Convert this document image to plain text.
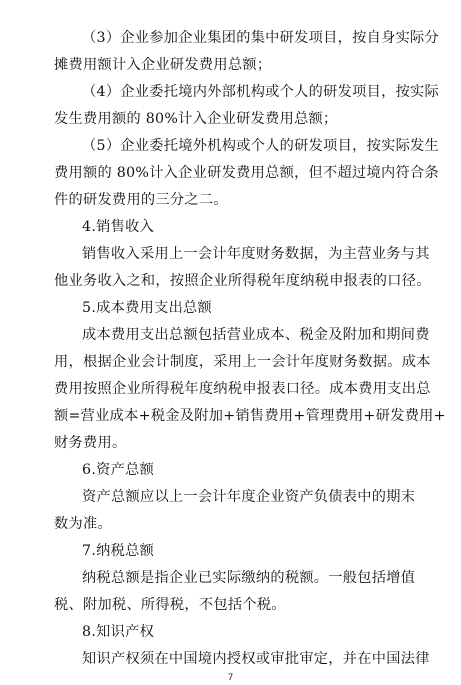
（3）企业参加企业集团的集中研发项目，按自身实际分
摊费用额计入企业研发费用总额；
（4）企业委托境内外部机构或个人的研发项目，按实际
发生费用额的 80%计入企业研发费用总额；
（5）企业委托境外机构或个人的研发项目，按实际发生
费用额的 80%计入企业研发费用总额，但不超过境内符合条
件的研发费用的三分之二。
4.销售收入
销售收入采用上一会计年度财务数据，为主营业务与其
他业务收入之和，按照企业所得税年度纳税申报表的口径。
5.成本费用支出总额
成本费用支出总额包括营业成本、税金及附加和期间费
用，根据企业会计制度，采用上一会计年度财务数据。成本
费用按照企业所得税年度纳税申报表口径。成本费用支出总
额=营业成本+税金及附加+销售费用+管理费用+研发费用+
财务费用。
6.资产总额
资产总额应以上一会计年度企业资产负债表中的期末
数为准。
7.纳税总额
纳税总额是指企业已实际缴纳的税额。一般包括增值
税、附加税、所得税，不包括个税。
8.知识产权
知识产权须在中国境内授权或审批审定，并在中国法律
7
